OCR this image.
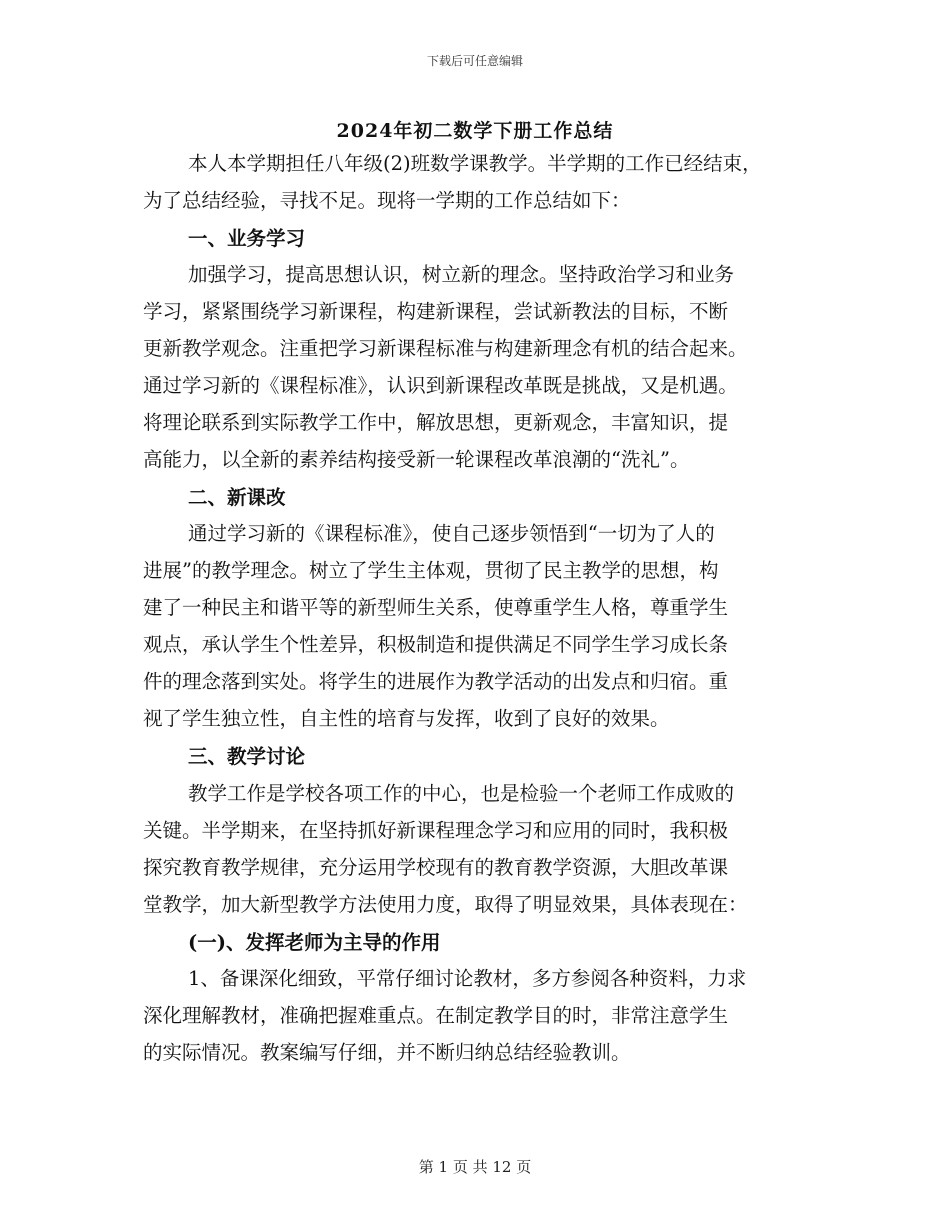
下载后可任意编辑
2024年初二数学下册工作总结
本人本学期担任八年级(2)班数学课教学。半学期的工作已经结束，
为了总结经验，寻找不足。现将一学期的工作总结如下：
一、业务学习
加强学习，提高思想认识，树立新的理念。坚持政治学习和业务
学习，紧紧围绕学习新课程，构建新课程，尝试新教法的目标，不断
更新教学观念。注重把学习新课程标准与构建新理念有机的结合起来。
通过学习新的《课程标准》，认识到新课程改革既是挑战，又是机遇。
将理论联系到实际教学工作中，解放思想，更新观念，丰富知识，提
高能力，以全新的素养结构接受新一轮课程改革浪潮的“洗礼”。
二、新课改
通过学习新的《课程标准》，使自己逐步领悟到“一切为了人的
进展”的教学理念。树立了学生主体观，贯彻了民主教学的思想，构
建了一种民主和谐平等的新型师生关系，使尊重学生人格，尊重学生
观点，承认学生个性差异，积极制造和提供满足不同学生学习成长条
件的理念落到实处。将学生的进展作为教学活动的出发点和归宿。重
视了学生独立性，自主性的培育与发挥，收到了良好的效果。
三、教学讨论
教学工作是学校各项工作的中心，也是检验一个老师工作成败的
关键。半学期来，在坚持抓好新课程理念学习和应用的同时，我积极
探究教育教学规律，充分运用学校现有的教育教学资源，大胆改革课
堂教学，加大新型教学方法使用力度，取得了明显效果，具体表现在：
(一)、发挥老师为主导的作用
1、备课深化细致，平常仔细讨论教材，多方参阅各种资料，力求
深化理解教材，准确把握难重点。在制定教学目的时，非常注意学生
的实际情况。教案编写仔细，并不断归纳总结经验教训。
第 1 页 共 12 页
